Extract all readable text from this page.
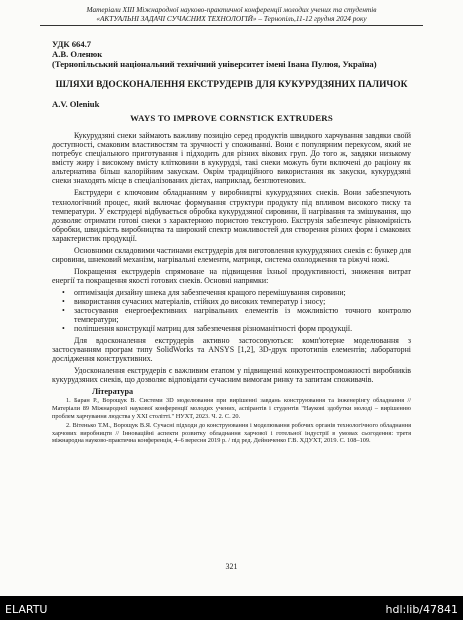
Матеріали XIII Міжнародної науково-практичної конференції молодих учених та студентів
«АКТУАЛЬНІ ЗАДАЧІ СУЧАСНИХ ТЕХНОЛОГІЙ» – Тернопіль,11-12 грудня 2024 року
УДК 664.7
А.В. Оленюк
(Тернопільський національний технічний університет імені Івана Пулюя, Україна)
ШЛЯХИ ВДОСКОНАЛЕННЯ ЕКСТРУДЕРІВ ДЛЯ КУКУРУДЗЯНИХ ПАЛИЧОК
A.V. Oleniuk
WAYS TO IMPROVE CORNSTICK EXTRUDERS

Кукурудзяні снеки займають важливу позицію серед продуктів швидкого харчування завдяки своїй доступності, смаковим властивостям та зручності у споживанні. Вони є популярним перекусом, який не потребує спеціального приготування і підходить для різних вікових груп. До того ж, завдяки низькому вмісту жиру і високому вмісту клітковини в кукурудзі, такі снеки можуть бути включені до раціону як альтернатива більш калорійним закускам. Окрім традиційного використання як закуски, кукурудзяні снеки знаходять місце в спеціалізованих дієтах, наприклад, безглютенових.

Екструдери є ключовим обладнанням у виробництві кукурудзяних снеків. Вони забезпечують технологічний процес, який включає формування структури продукту під впливом високого тиску та температури. У екструдері відбувається обробка кукурудзяної сировини, її нагрівання та змішування, що дозволяє отримати готові снеки з характерною пористою текстурою. Екструзія забезпечує рівномірність обробки, швидкість виробництва та широкий спектр можливостей для створення різних форм і смакових характеристик продукції.

Основними складовими частинами екструдерів для виготовлення кукурудзяних снеків є: бункер для сировини, шнековий механізм, нагрівальні елементи, матриця, система охолодження та ріжучі ножі.

Покращення екструдерів спрямоване на підвищення їхньої продуктивності, зниження витрат енергії та покращення якості готових снеків. Основні напрямки:

• оптимізація дизайну шнека для забезпечення кращого перемішування сировини;
• використання сучасних матеріалів, стійких до високих температур і зносу;
• застосування енергоефективних нагрівальних елементів із можливістю точного контролю температури;
• поліпшення конструкції матриц для забезпечення різноманітності форм продукції.

Для вдосконалення екструдерів активно застосовуються: комп'ютерне моделювання з застосуванням програм типу SolidWorks та ANSYS [1,2], 3D-друк прототипів елементів; лабораторні дослідження конструктивних.

Удосконалення екструдерів є важливим етапом у підвищенні конкурентоспроможності виробників кукурудзяних снеків, що дозволяє відповідати сучасним вимогам ринку та запитам споживачів.

Література

1. Баран Р., Ворощук В. Системи 3D моделювання при вирішенні завдань конструювання та інженерінгу обладнання // Матеріали 89 Міжнародної наукової конференції молодих учених, аспірантів і студентів "Наукові здобутки молоді – вирішенню проблем харчування людства у ХХІ столітті." НУХТ, 2023. Ч. 2. С. 20.

2. Вітенько Т.М., Ворощук В.Я. Сучасні підходи до конструювання і моделювання робочих органів технологічного обладнання харчових виробництв // Інноваційні аспекти розвитку обладнання харчової і готельної індустрії в умовах сьогодення: третя міжнародна науково-практична конференція, 4–6 вересня 2019 р. / під ред. Дейниченко Г.В. ХДУХТ, 2019. С. 108–109.

321
ELARTU	hdl:lib/47841
